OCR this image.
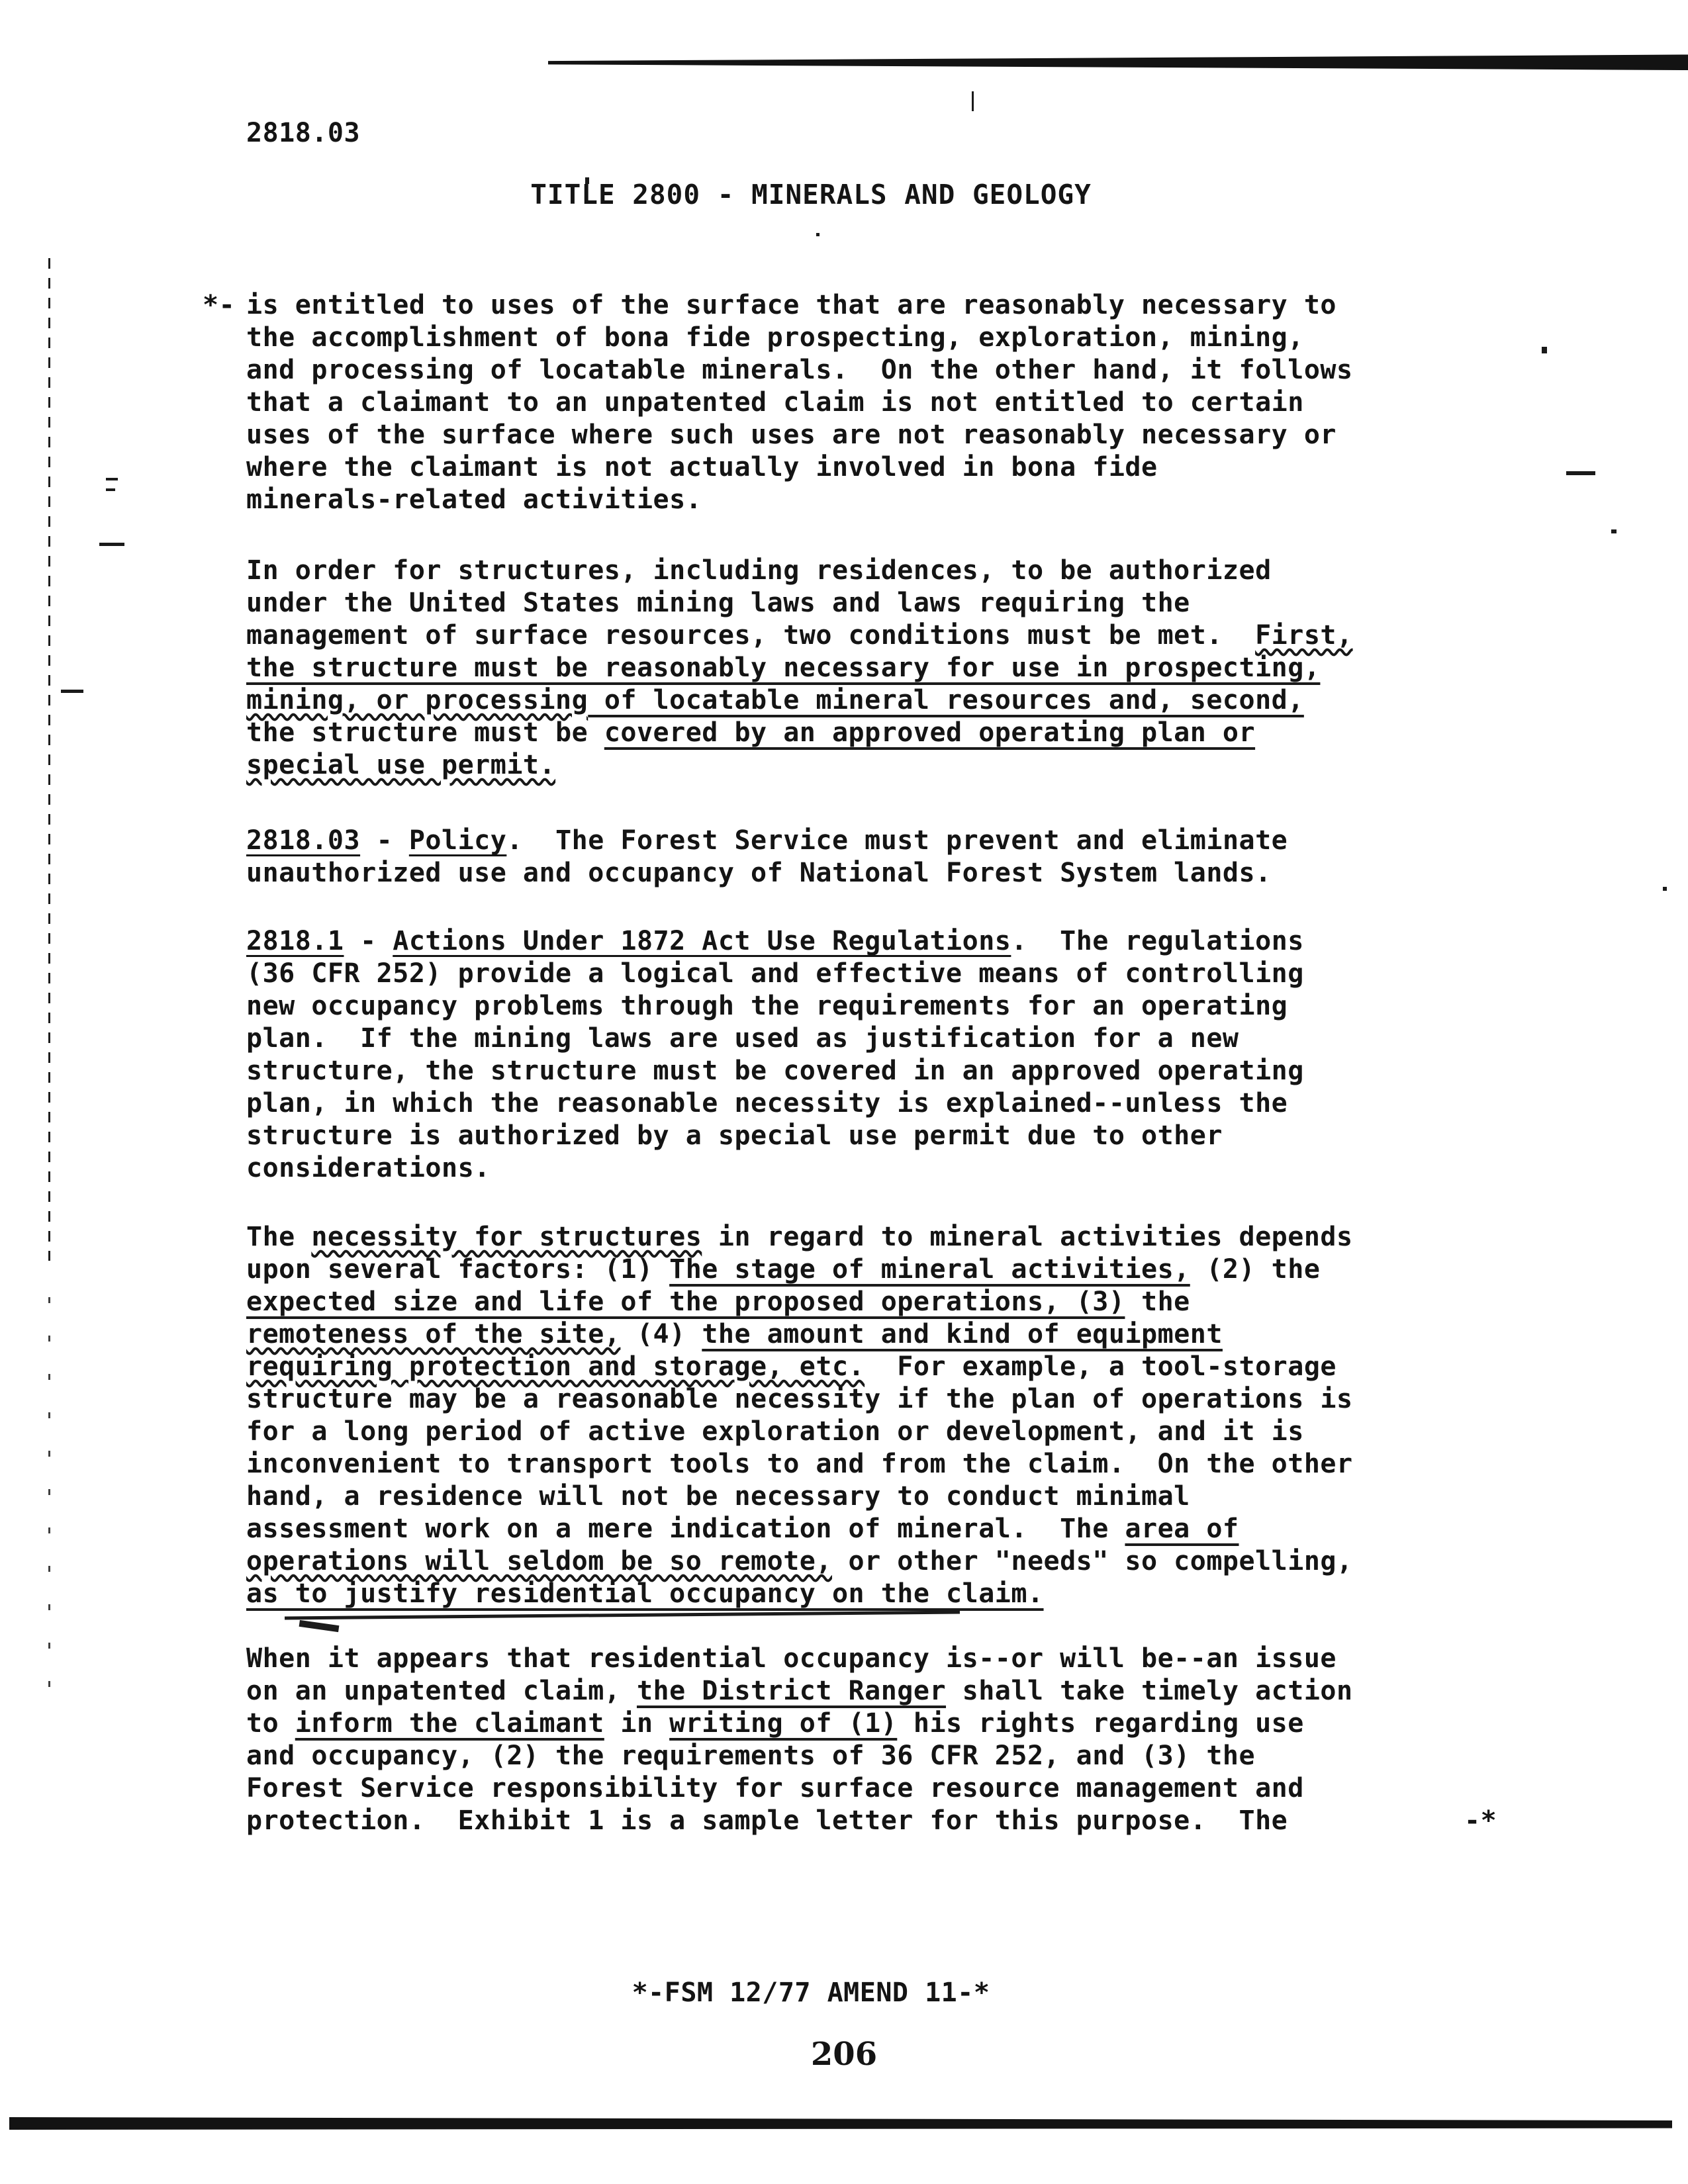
2818.03
TITLE 2800 - MINERALS AND GEOLOGY
*- is entitled to uses of the surface that are reasonably necessary to
the accomplishment of bona fide prospecting, exploration, mining,
and processing of locatable minerals.  On the other hand, it follows
that a claimant to an unpatented claim is not entitled to certain
uses of the surface where such uses are not reasonably necessary or
where the claimant is not actually involved in bona fide
minerals-related activities.
In order for structures, including residences, to be authorized
under the United States mining laws and laws requiring the
management of surface resources, two conditions must be met.  First,
the structure must be reasonably necessary for use in prospecting,
mining, or processing of locatable mineral resources and, second,
the structure must be covered by an approved operating plan or
special use permit.
2818.03 - Policy.  The Forest Service must prevent and eliminate
unauthorized use and occupancy of National Forest System lands.
2818.1 - Actions Under 1872 Act Use Regulations.  The regulations
(36 CFR 252) provide a logical and effective means of controlling
new occupancy problems through the requirements for an operating
plan.  If the mining laws are used as justification for a new
structure, the structure must be covered in an approved operating
plan, in which the reasonable necessity is explained--unless the
structure is authorized by a special use permit due to other
considerations.
The necessity for structures in regard to mineral activities depends
upon several factors: (1) The stage of mineral activities, (2) the
expected size and life of the proposed operations, (3) the
remoteness of the site, (4) the amount and kind of equipment
requiring protection and storage, etc.  For example, a tool-storage
structure may be a reasonable necessity if the plan of operations is
for a long period of active exploration or development, and it is
inconvenient to transport tools to and from the claim.  On the other
hand, a residence will not be necessary to conduct minimal
assessment work on a mere indication of mineral.  The area of
operations will seldom be so remote, or other "needs" so compelling,
as to justify residential occupancy on the claim.
When it appears that residential occupancy is--or will be--an issue
on an unpatented claim, the District Ranger shall take timely action
to inform the claimant in writing of (1) his rights regarding use
and occupancy, (2) the requirements of 36 CFR 252, and (3) the
Forest Service responsibility for surface resource management and
protection.  Exhibit 1 is a sample letter for this purpose.  The	-*
*-FSM 12/77 AMEND 11-*
206
